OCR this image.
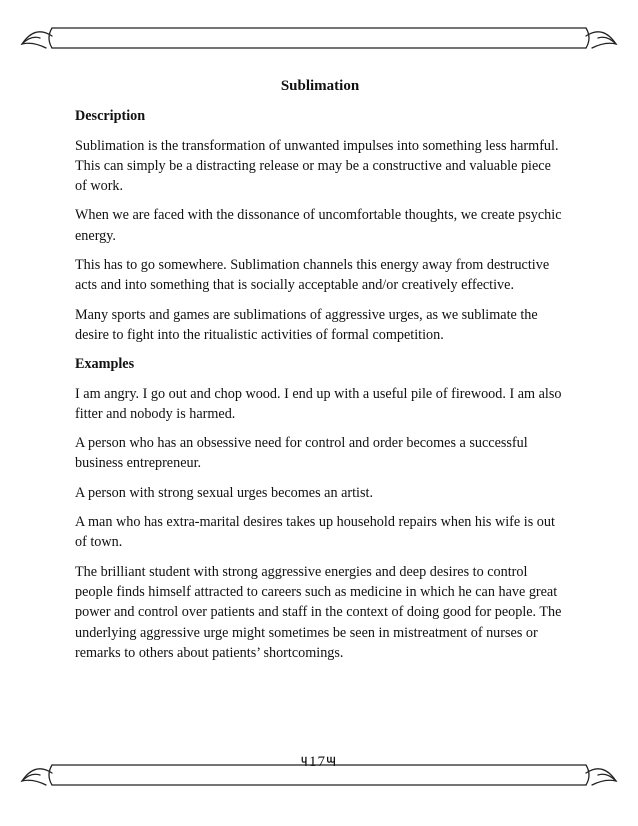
Sublimation
Description

Sublimation is the transformation of unwanted impulses into something less harmful. This can simply be a distracting release or may be a constructive and valuable piece of work.

When we are faced with the dissonance of uncomfortable thoughts, we create psychic energy.

This has to go somewhere. Sublimation channels this energy away from destructive acts and into something that is socially acceptable and/or creatively effective.

Many sports and games are sublimations of aggressive urges, as we sublimate the desire to fight into the ritualistic activities of formal competition.

Examples

I am angry. I go out and chop wood. I end up with a useful pile of firewood. I am also fitter and nobody is harmed.

A person who has an obsessive need for control and order becomes a successful business entrepreneur.

A person with strong sexual urges becomes an artist.

A man who has extra-marital desires takes up household repairs when his wife is out of town.

The brilliant student with strong aggressive energies and deep desires to control people finds himself attracted to careers such as medicine in which he can have great power and control over patients and staff in the context of doing good for people. The underlying aggressive urge might sometimes be seen in mistreatment of nurses or remarks to others about patients’ shortcomings.

౺17౻
